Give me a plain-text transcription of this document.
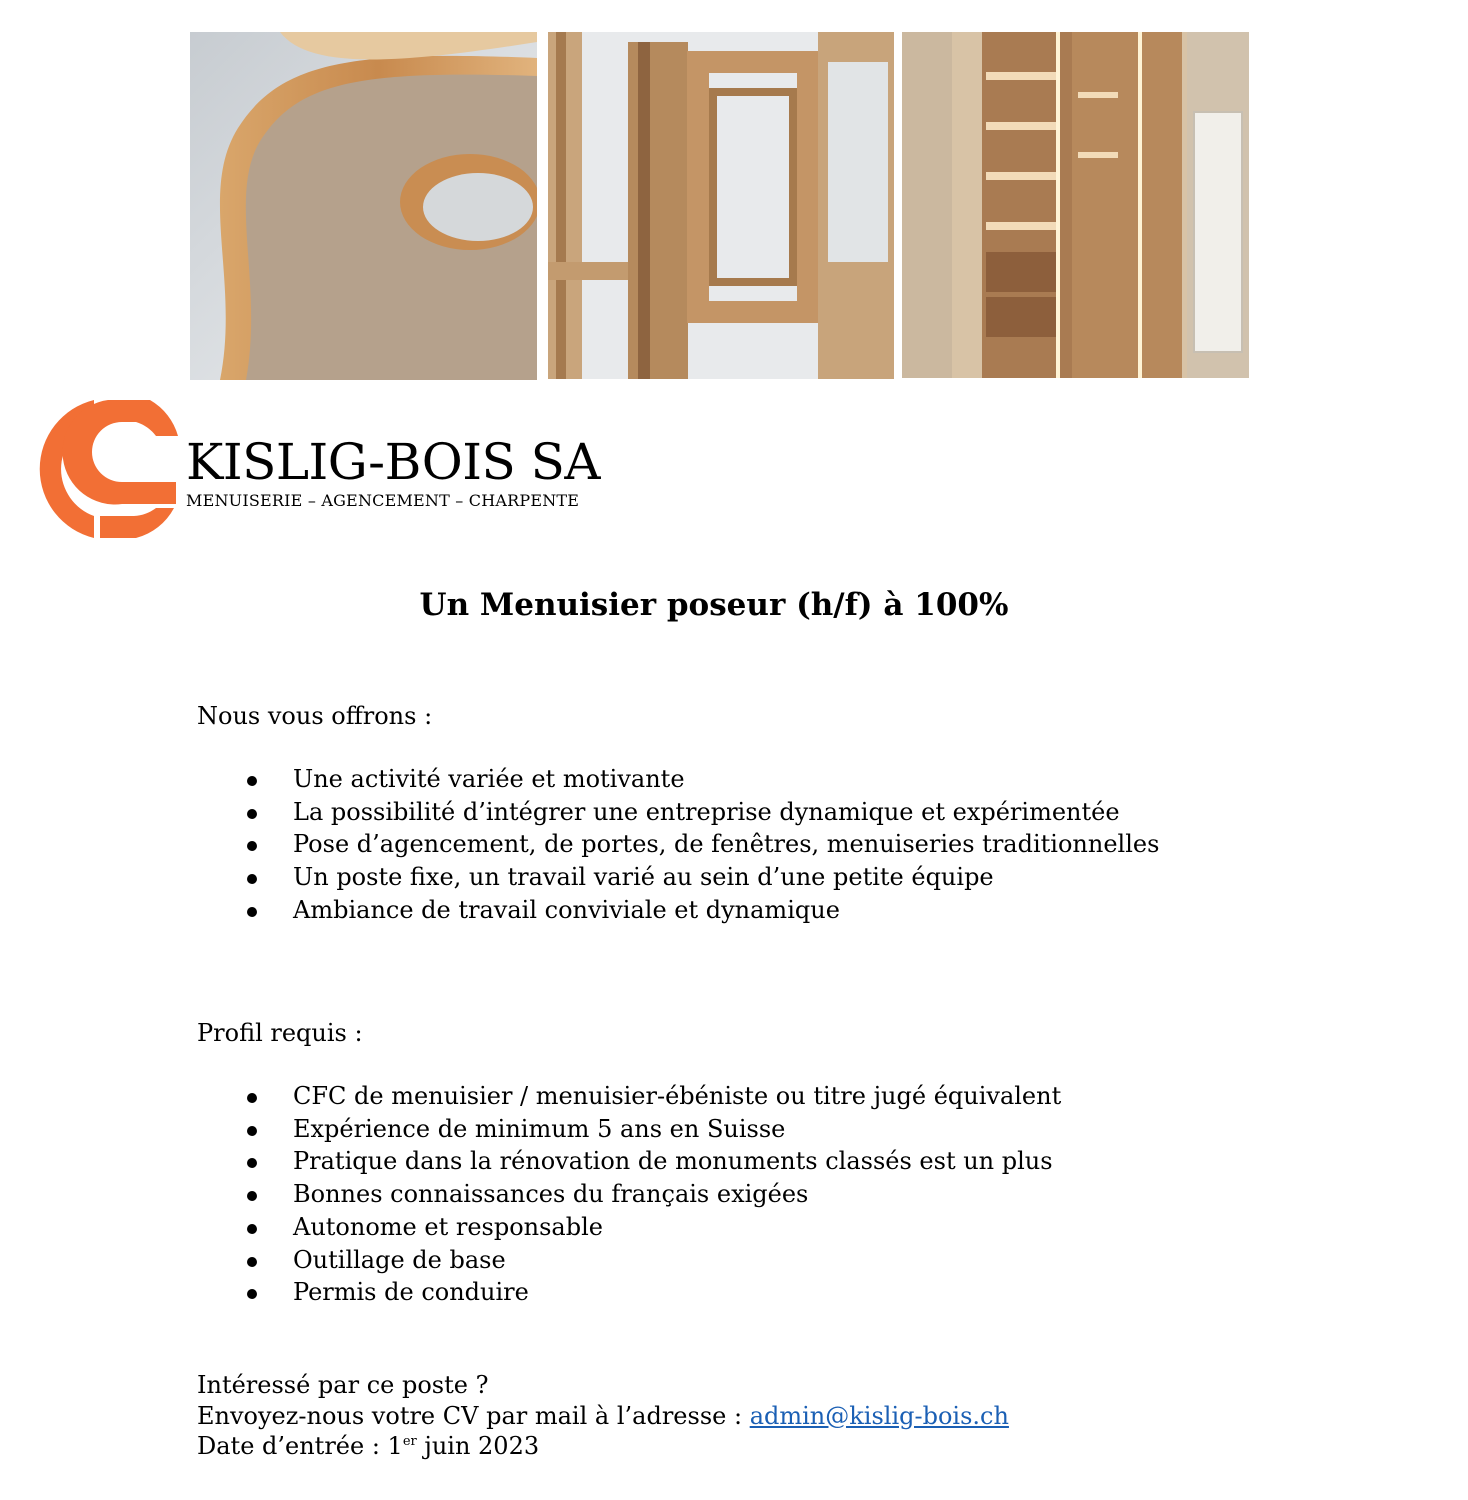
KISLIG-BOIS SA
MENUISERIE – AGENCEMENT – CHARPENTE
Un Menuisier poseur (h/f) à 100%
Nous vous offrons :
Une activité variée et motivante
La possibilité d’intégrer une entreprise dynamique et expérimentée
Pose d’agencement, de portes, de fenêtres, menuiseries traditionnelles
Un poste fixe, un travail varié au sein d’une petite équipe
Ambiance de travail conviviale et dynamique
Profil requis :
CFC de menuisier / menuisier-ébéniste ou titre jugé équivalent
Expérience de minimum 5 ans en Suisse
Pratique dans la rénovation de monuments classés est un plus
Bonnes connaissances du français exigées
Autonome et responsable
Outillage de base
Permis de conduire
Intéressé par ce poste ?
Envoyez-nous votre CV par mail à l’adresse : admin@kislig-bois.ch
Date d’entrée : 1er juin 2023
